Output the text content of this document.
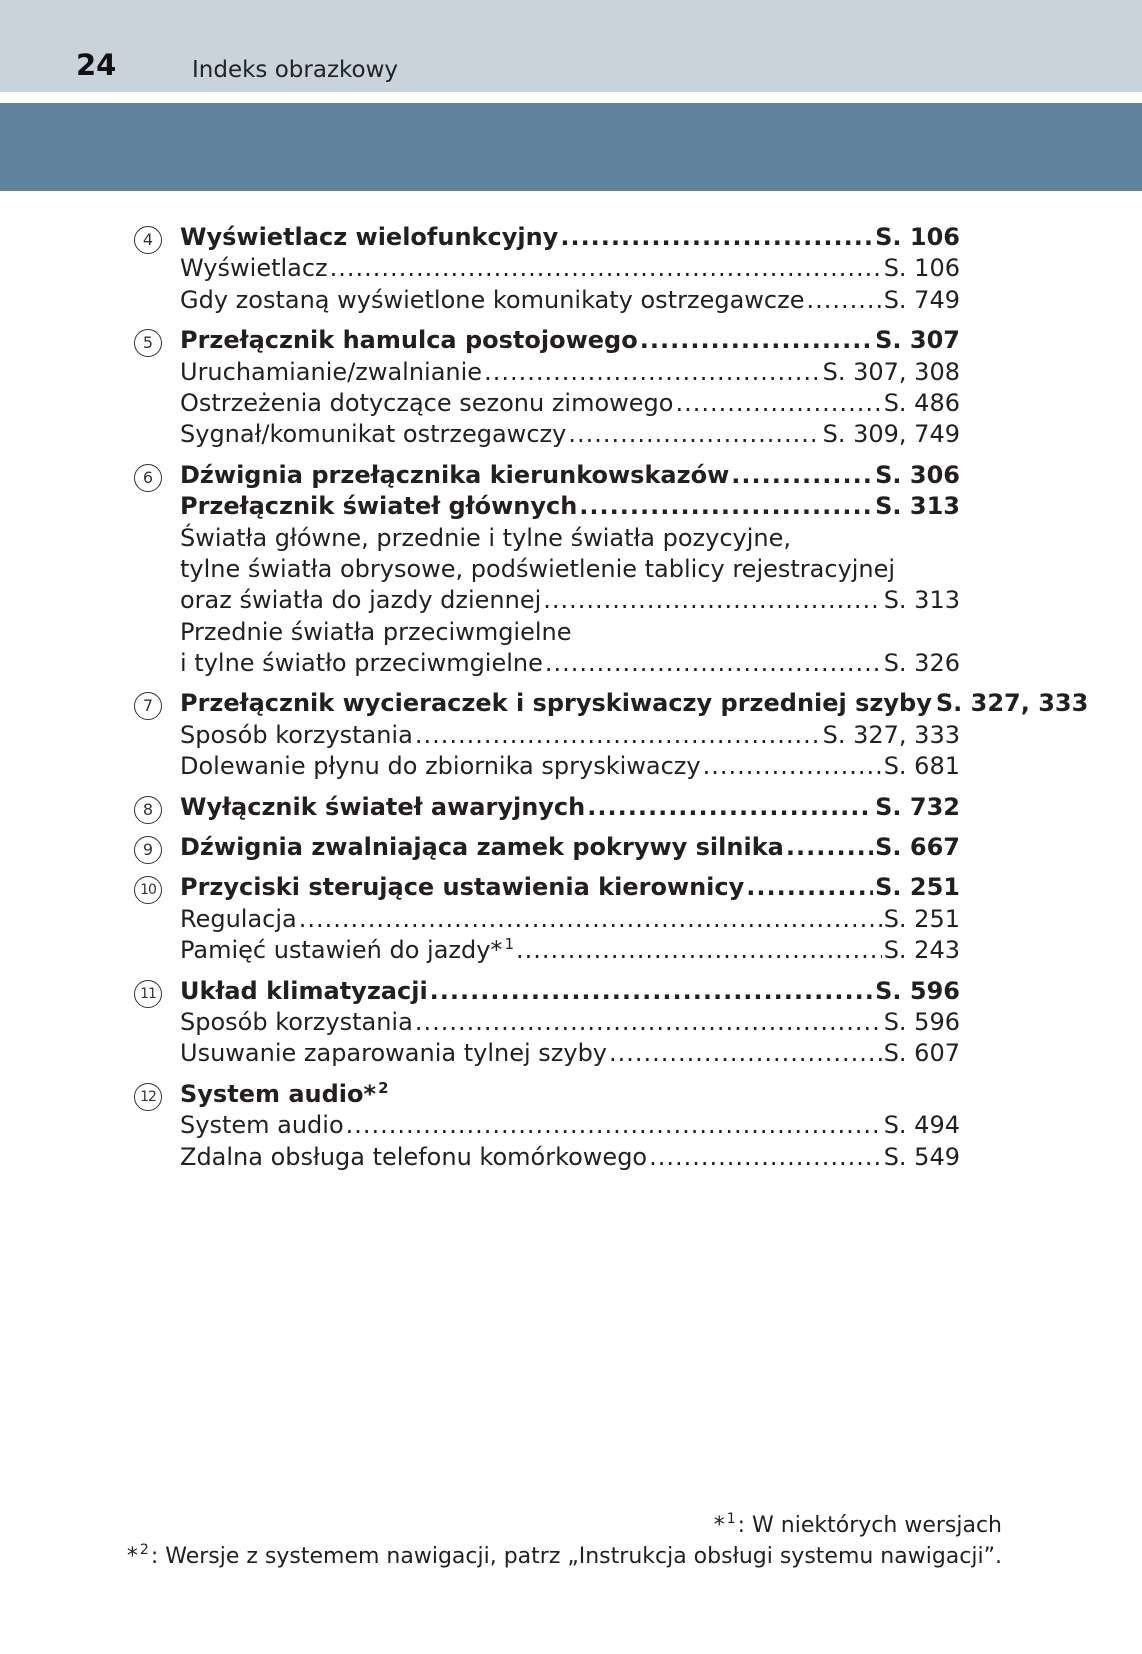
24	Indeks obrazkowy
4	Wyświetlacz wielofunkcyjny .....	S. 106
Wyświetlacz .....	S. 106
Gdy zostaną wyświetlone komunikaty ostrzegawcze .....	S. 749
5	Przełącznik hamulca postojowego .....	S. 307
Uruchamianie/zwalnianie .....	S. 307, 308
Ostrzeżenia dotyczące sezonu zimowego .....	S. 486
Sygnał/komunikat ostrzegawczy .....	S. 309, 749
6	Dźwignia przełącznika kierunkowskazów .....	S. 306
Przełącznik świateł głównych .....	S. 313
Światła główne, przednie i tylne światła pozycyjne,
tylne światła obrysowe, podświetlenie tablicy rejestracyjnej
oraz światła do jazdy dziennej .....	S. 313
Przednie światła przeciwmgielne
i tylne światło przeciwmgielne .....	S. 326
7	Przełącznik wycieraczek i spryskiwaczy przedniej szyby S. 327, 333
Sposób korzystania .....	S. 327, 333
Dolewanie płynu do zbiornika spryskiwaczy .....	S. 681
8	Wyłącznik świateł awaryjnych .....	S. 732
9	Dźwignia zwalniająca zamek pokrywy silnika .....	S. 667
10 Przyciski sterujące ustawienia kierownicy .....	S. 251
Regulacja .....	S. 251
Pamięć ustawień do jazdy* $^1$ .....	S. 243
11 Układ klimatyzacji .....	S. 596
Sposób korzystania .....	S. 596
Usuwanie zaparowania tylnej szyby .....	S. 607
12 System audio* $^2$
System audio .....	S. 494
Zdalna obsługa telefonu komórkowego .....	S. 549
* $^1$: W niektórych wersjach
* $^2$: Wersje z systemem nawigacji, patrz „Instrukcja obsługi systemu nawigacji”.
